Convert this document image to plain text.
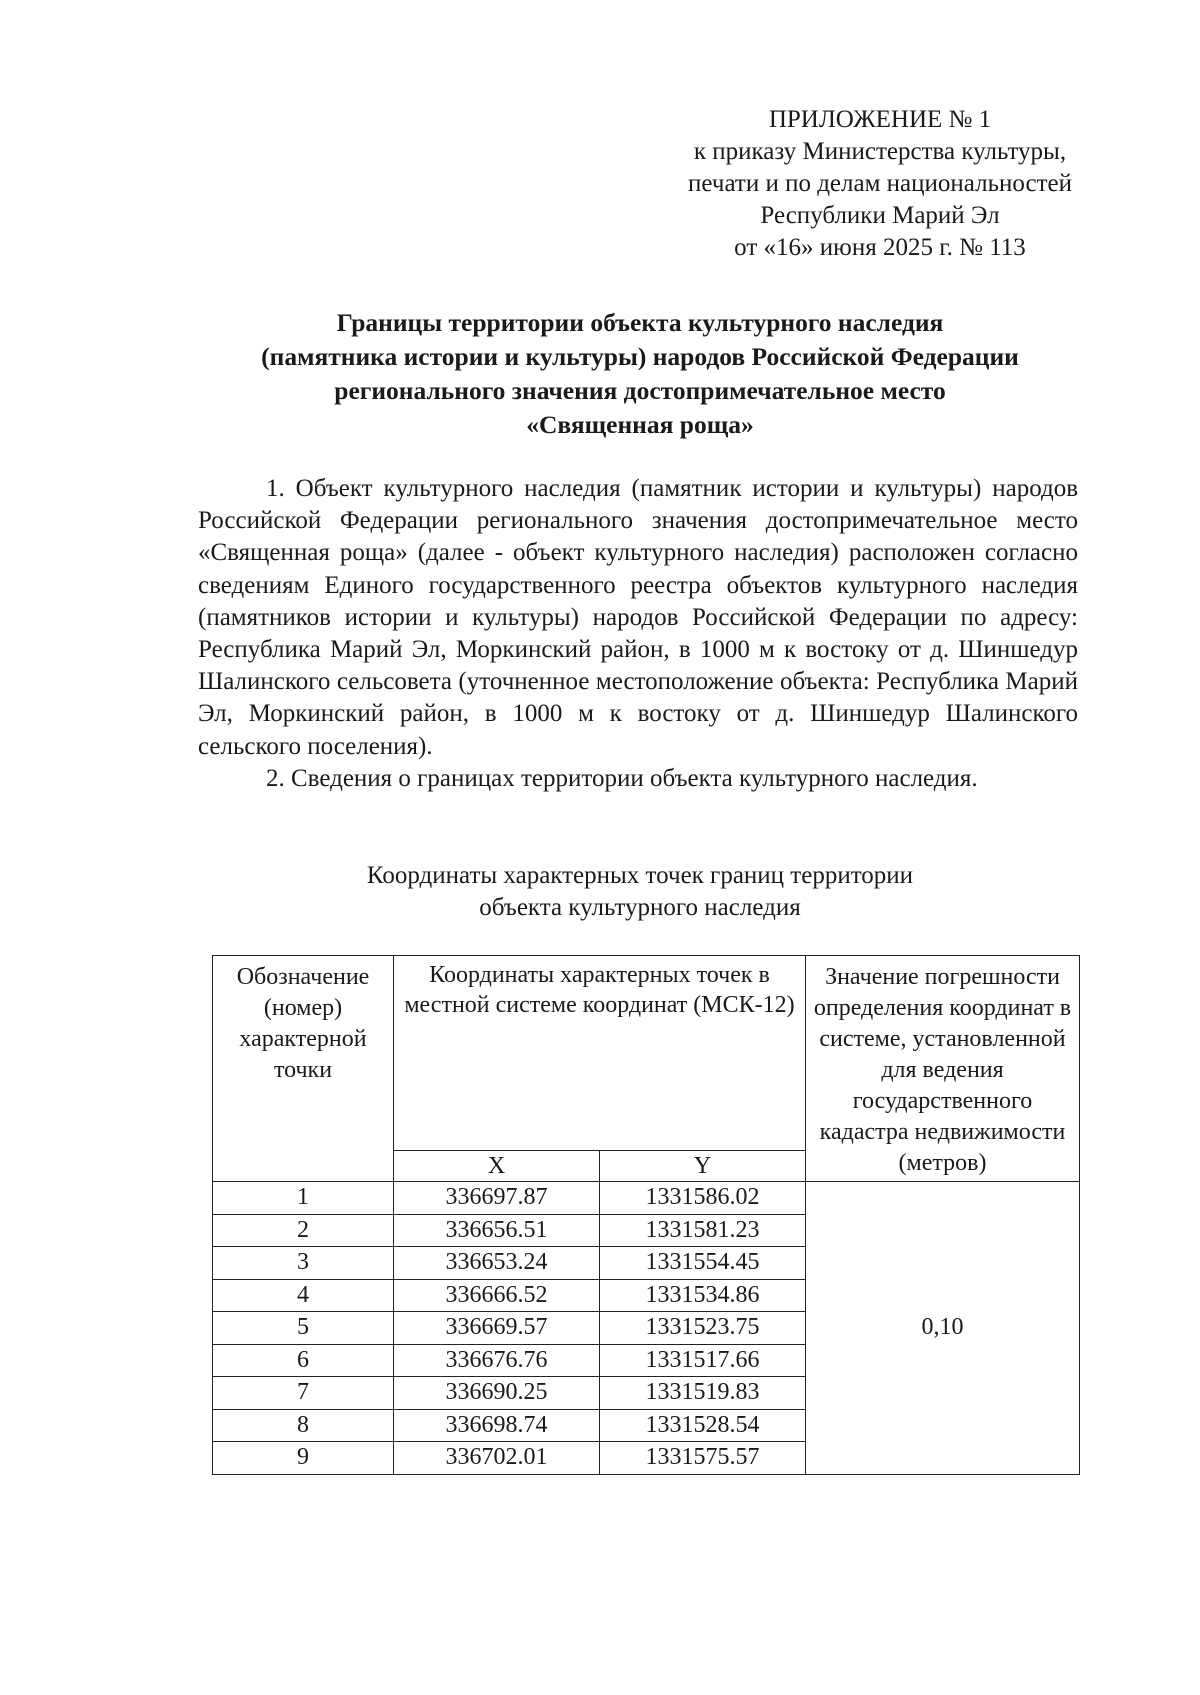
ПРИЛОЖЕНИЕ № 1
к приказу Министерства культуры,
печати и по делам национальностей
Республики Марий Эл
от «16» июня 2025 г. № 113
Границы территории объекта культурного наследия
(памятника истории и культуры) народов Российской Федерации
регионального значения достопримечательное место
«Священная роща»

1. Объект культурного наследия (памятник истории и культуры) народов Российской Федерации регионального значения достопримечательное место «Священная роща» (далее - объект культурного наследия) расположен согласно сведениям Единого государственного реестра объектов культурного наследия (памятников истории и культуры) народов Российской Федерации по адресу: Республика Марий Эл, Моркинский район, в 1000 м к востоку от д. Шиншедур Шалинского сельсовета (уточненное местоположение объекта: Республика Марий Эл, Моркинский район, в 1000 м к востоку от д. Шиншедур Шалинского сельского поселения).

2. Сведения о границах территории объекта культурного наследия.

Координаты характерных точек границ территории
объекта культурного наследия
Обозначение (номер) характерной точки	Координаты характерных точек в местной системе координат (МСК-12)		Значение погрешности определения координат в системе, установленной для ведения государственного кадастра недвижимости (метров)
	X	Y	
1	336697.87	1331586.02	0,10
2	336656.51	1331581.23	
3	336653.24	1331554.45	
4	336666.52	1331534.86	
5	336669.57	1331523.75	
6	336676.76	1331517.66	
7	336690.25	1331519.83	
8	336698.74	1331528.54	
9	336702.01	1331575.57	
